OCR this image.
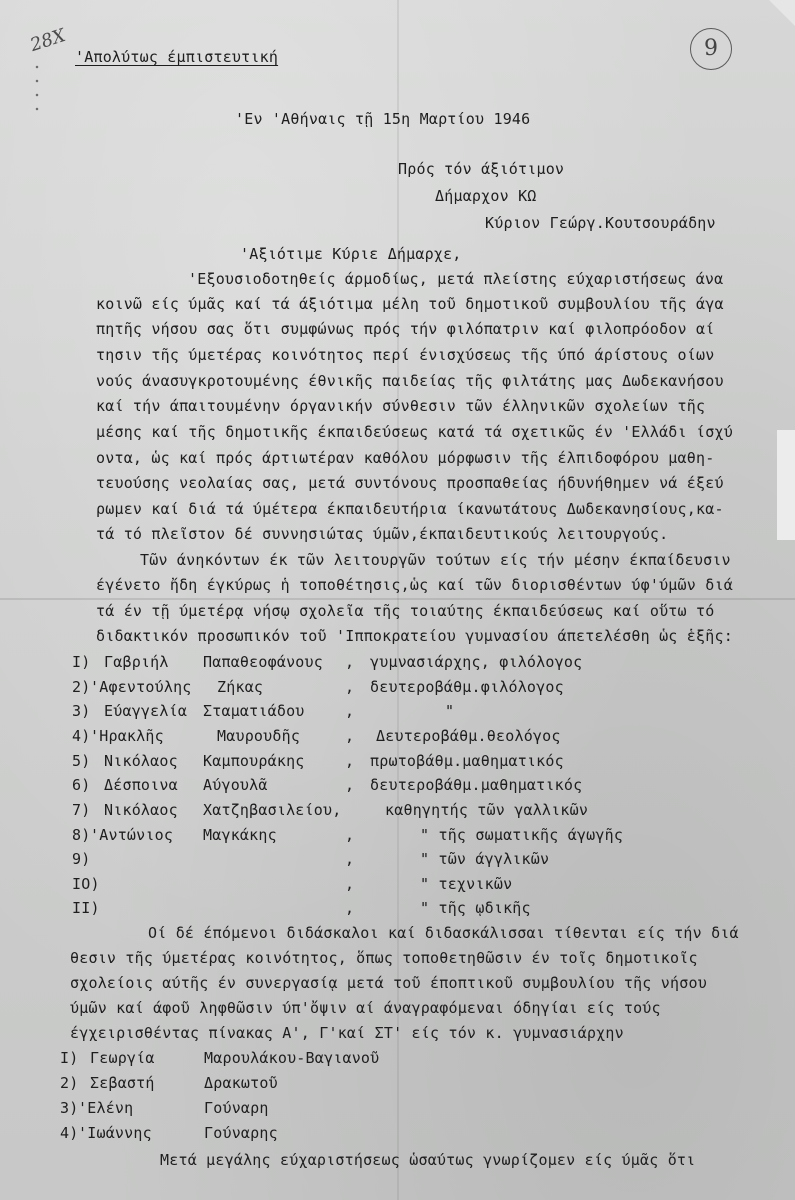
28Χ	9
'Απολύτως έμπιστευτική
'Εν 'Αθήναις τῇ 15η Μαρτίου 1946
Πρός τόν άξιότιμον
Δήμαρχον ΚΩ
Κύριον Γεώργ.Κουτσουράδην
'Αξιότιμε Κύριε Δήμαρχε,
'Εξουσιοδοτηθείς άρμοδίως, μετά πλείστης εύχαριστήσεως άνα
κοινῶ είς ύμᾶς καί τά άξιότιμα μέλη τοῦ δημοτικοῦ συμβουλίου τῆς άγα
πητῆς νήσου σας ὅτι συμφώνως πρός τήν φιλόπατριν καί φιλοπρόοδον αί
τησιν τῆς ύμετέρας κοινότητος περί ένισχύσεως τῆς ύπό άρίστους οίων
νούς άνασυγκροτουμένης έθνικῆς παιδείας τῆς φιλτάτης μας Δωδεκανήσου
καί τήν άπαιτουμένην όργανικήν σύνθεσιν τῶν έλληνικῶν σχολείων τῆς
μέσης καί τῆς δημοτικῆς έκπαιδεύσεως κατά τά σχετικῶς έν 'Ελλάδι ίσχύ
οντα, ὡς καί πρός άρτιωτέραν καθόλου μόρφωσιν τῆς έλπιδοφόρου μαθη-
τευούσης νεολαίας σας, μετά συντόνους προσπαθείας ήδυνήθημεν νά έξεύ
ρωμεν καί διά τά ύμέτερα έκπαιδευτήρια ίκανωτάτους Δωδεκανησίους,κα-
τά τό πλεῖστον δέ συννησιώτας ύμῶν,έκπαιδευτικούς λειτουργούς.
Τῶν άνηκόντων έκ τῶν λειτουργῶν τούτων είς τήν μέσην έκπαίδευσιν
έγένετο ἤδη έγκύρως ἡ τοποθέτησις,ὡς καί τῶν διορισθέντων ύφ'ύμῶν διά
τά έν τῇ ύμετέρᾳ νήσῳ σχολεῖα τῆς τοιαύτης έκπαιδεύσεως καί οὕτω τό
διδακτικόν προσωπικόν τοῦ 'Ιπποκρατείου γυμνασίου άπετελέσθη ὡς ἑξῆς:
Ι) Γαβριήλ Παπαθεοφάνους , γυμνασιάρχης, φιλόλογος
2) 'Αφεντούλης Ζήκας	, δευτεροβάθμ.φιλόλογος
3) Εύαγγελία Σταματιάδου	,	"
4) 'Ηρακλῆς	Μαυρουδῆς	, Δευτεροβάθμ.θεολόγος
5) Νικόλαος Καμπουράκης	, πρωτοβάθμ.μαθηματικός
6) Δέσποινα Αύγουλᾶ	, δευτεροβάθμ.μαθηματικός
7) Νικόλαος Χατζηβασιλείου,	καθηγητής τῶν γαλλικῶν
8) 'Αντώνιος Μαγκάκης	,	" τῆς σωματικῆς άγωγῆς
9)	,	" τῶν άγγλικῶν
ΙΟ)	,	" τεχνικῶν
ΙΙ)	,	" τῆς ῳδικῆς
Οί δέ έπόμενοι διδάσκαλοι καί διδασκάλισσαι τίθενται είς τήν διά
θεσιν τῆς ύμετέρας κοινότητος, ὅπως τοποθετηθῶσιν έν τοῖς δημοτικοῖς
σχολείοις αύτῆς έν συνεργασίᾳ μετά τοῦ έποπτικοῦ συμβουλίου τῆς νήσου
ύμῶν καί άφοῦ ληφθῶσιν ύπ'ὄψιν αί άναγραφόμεναι όδηγίαι είς τούς
έγχειρισθέντας πίνακας Α', Γ'καί ΣΤ' είς τόν κ. γυμνασιάρχην
Ι) Γεωργία	Μαρουλάκου-Βαγιανοῦ
2) Σεβαστή	Δρακωτοῦ
3) 'Ελένη	Γούναρη
4) 'Ιωάννης	Γούναρης
Μετά μεγάλης εύχαριστήσεως ὡσαύτως γνωρίζομεν είς ύμᾶς ὅτι
